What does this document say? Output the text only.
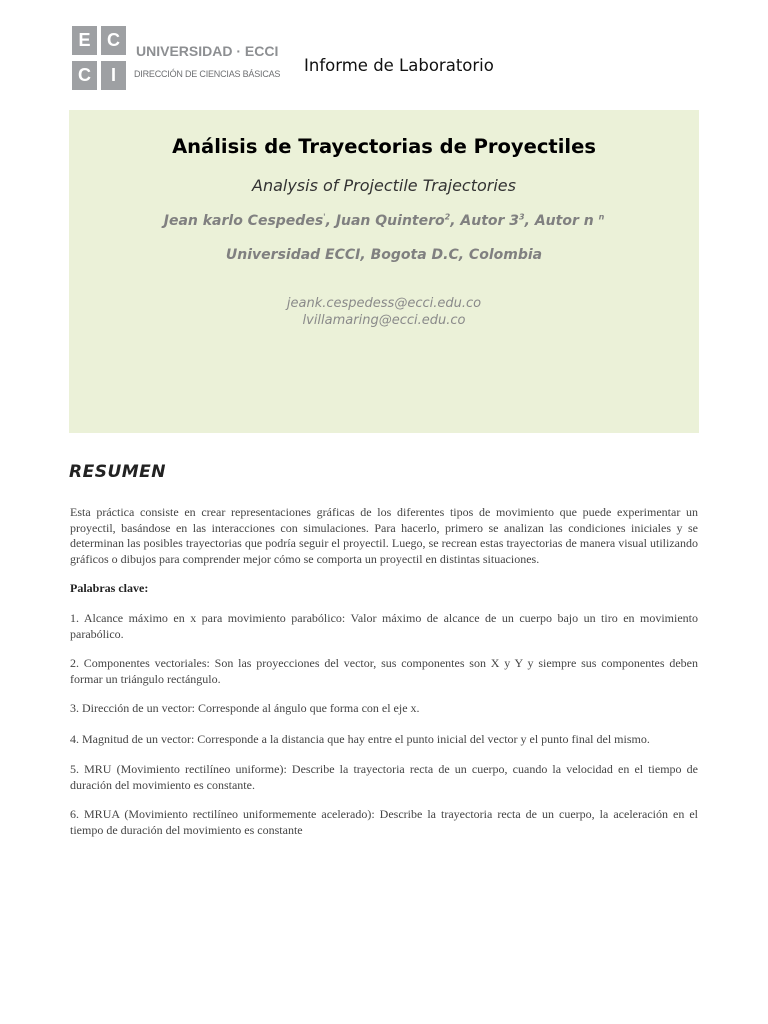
E C
C	I
UNIVERSIDAD · ECCI
DIRECCIÓN DE CIENCIAS BÁSICAS Informe de Laboratorio
Análisis de Trayectorias de Proyectiles
Analysis of Projectile Trajectories
Jean karlo Cespedes', Juan Quintero$^2$, Autor $3^3$, Autor n $^n$
Universidad ECCI, Bogota D.C, Colombia
jeank.cespedess@ecci.edu.co
lvillamaring@ecci.edu.co
RESUMEN
Esta práctica consiste en crear representaciones gráficas de los diferentes tipos de movimiento que puede experimentar un proyectil, basándose en las interacciones con simulaciones. Para hacerlo, primero se analizan las condiciones iniciales y se determinan las posibles trayectorias que podría seguir el proyectil. Luego, se recrean estas trayectorias de manera visual utilizando gráficos o dibujos para comprender mejor cómo se comporta un proyectil en distintas situaciones.
Palabras clave:
1. Alcance máximo en x para movimiento parabólico: Valor máximo de alcance de un cuerpo bajo un tiro en movimiento parabólico.
2. Componentes vectoriales: Son las proyecciones del vector, sus componentes son X y Y y siempre sus componentes deben formar un triángulo rectángulo.
3. Dirección de un vector: Corresponde al ángulo que forma con el eje x.
4. Magnitud de un vector: Corresponde a la distancia que hay entre el punto inicial del vector y el punto final del mismo.
5. MRU (Movimiento rectilíneo uniforme): Describe la trayectoria recta de un cuerpo, cuando la velocidad en el tiempo de duración del movimiento es constante.
6. MRUA (Movimiento rectilíneo uniformemente acelerado): Describe la trayectoria recta de un cuerpo, la aceleración en el tiempo de duración del movimiento es constante
